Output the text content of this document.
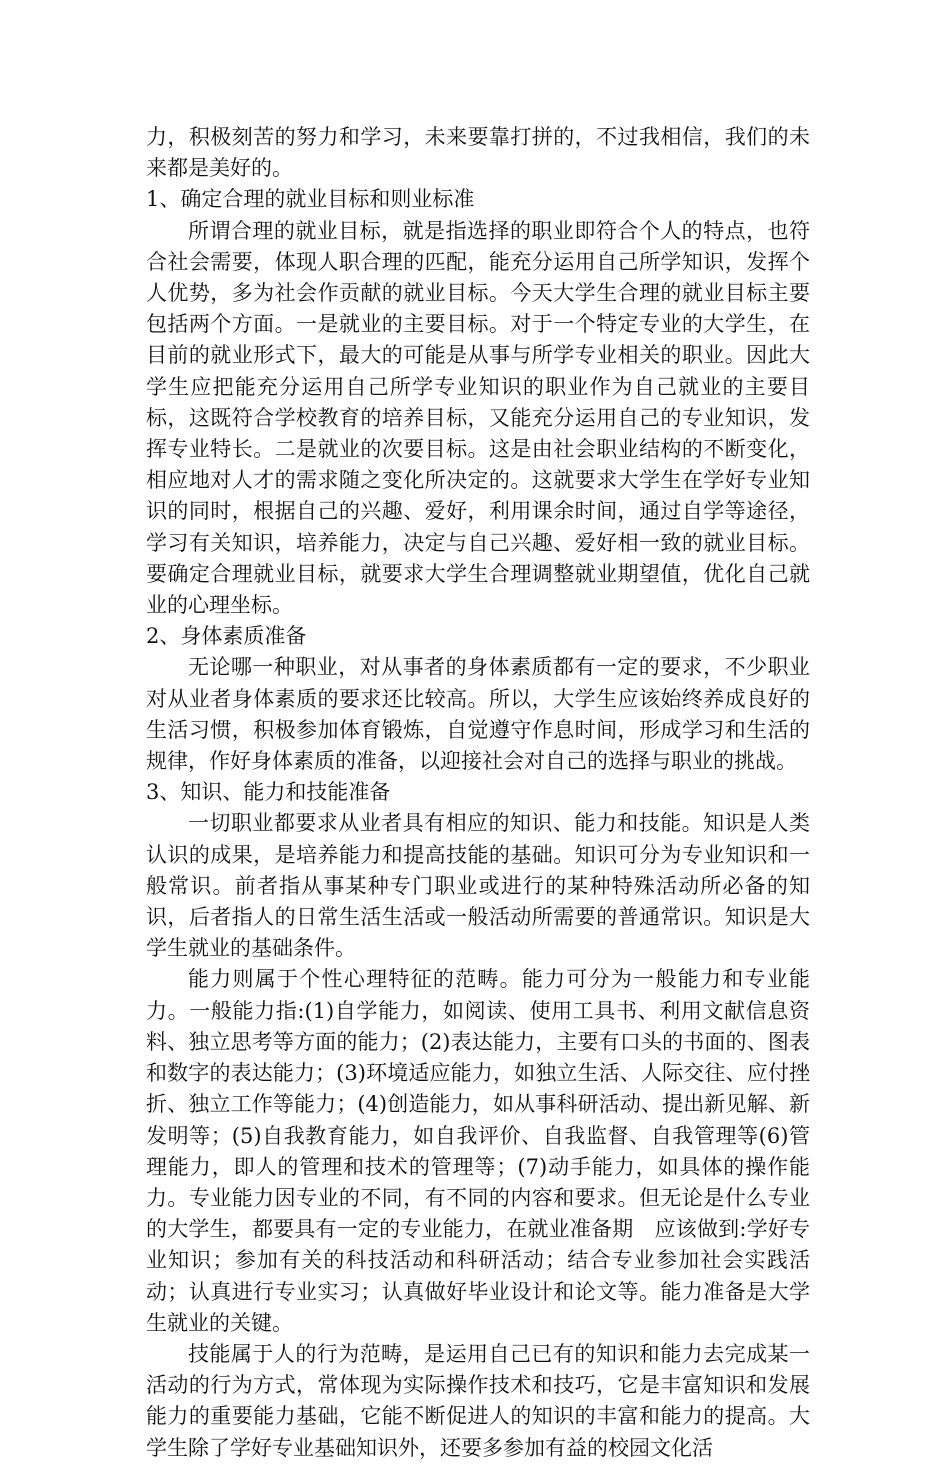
力，积极刻苦的努力和学习，未来要靠打拼的，不过我相信，我们的未来都是美好的。

1、确定合理的就业目标和则业标准

所谓合理的就业目标，就是指选择的职业即符合个人的特点，也符合社会需要，体现人职合理的匹配，能充分运用自己所学知识，发挥个人优势，多为社会作贡献的就业目标。今天大学生合理的就业目标主要包括两个方面。一是就业的主要目标。对于一个特定专业的大学生，在目前的就业形式下，最大的可能是从事与所学专业相关的职业。因此大学生应把能充分运用自己所学专业知识的职业作为自己就业的主要目标，这既符合学校教育的培养目标，又能充分运用自己的专业知识，发挥专业特长。二是就业的次要目标。这是由社会职业结构的不断变化，相应地对人才的需求随之变化所决定的。这就要求大学生在学好专业知识的同时，根据自己的兴趣、爱好，利用课余时间，通过自学等途径，学习有关知识，培养能力，决定与自己兴趣、爱好相一致的就业目标。要确定合理就业目标，就要求大学生合理调整就业期望值，优化自己就业的心理坐标。

2、身体素质准备

无论哪一种职业，对从事者的身体素质都有一定的要求，不少职业对从业者身体素质的要求还比较高。所以，大学生应该始终养成良好的生活习惯，积极参加体育锻炼，自觉遵守作息时间，形成学习和生活的规律，作好身体素质的准备，以迎接社会对自己的选择与职业的挑战。

3、知识、能力和技能准备

一切职业都要求从业者具有相应的知识、能力和技能。知识是人类认识的成果，是培养能力和提高技能的基础。知识可分为专业知识和一般常识。前者指从事某种专门职业或进行的某种特殊活动所必备的知识，后者指人的日常生活生活或一般活动所需要的普通常识。知识是大学生就业的基础条件。

能力则属于个性心理特征的范畴。能力可分为一般能力和专业能力。一般能力指:(1)自学能力，如阅读、使用工具书、利用文献信息资料、独立思考等方面的能力；(2)表达能力，主要有口头的书面的、图表和数字的表达能力；(3)环境适应能力，如独立生活、人际交往、应付挫折、独立工作等能力；(4)创造能力，如从事科研活动、提出新见解、新发明等；(5)自我教育能力，如自我评价、自我监督、自我管理等(6)管理能力，即人的管理和技术的管理等；(7)动手能力，如具体的操作能力。专业能力因专业的不同，有不同的内容和要求。但无论是什么专业的大学生，都要具有一定的专业能力，在就业准备期　应该做到:学好专业知识；参加有关的科技活动和科研活动；结合专业参加社会实践活动；认真进行专业实习；认真做好毕业设计和论文等。能力准备是大学生就业的关键。

技能属于人的行为范畴，是运用自己已有的知识和能力去完成某一活动的行为方式，常体现为实际操作技术和技巧，它是丰富知识和发展能力的重要能力基础，它能不断促进人的知识的丰富和能力的提高。大学生除了学好专业基础知识外，还要多参加有益的校园文化活
